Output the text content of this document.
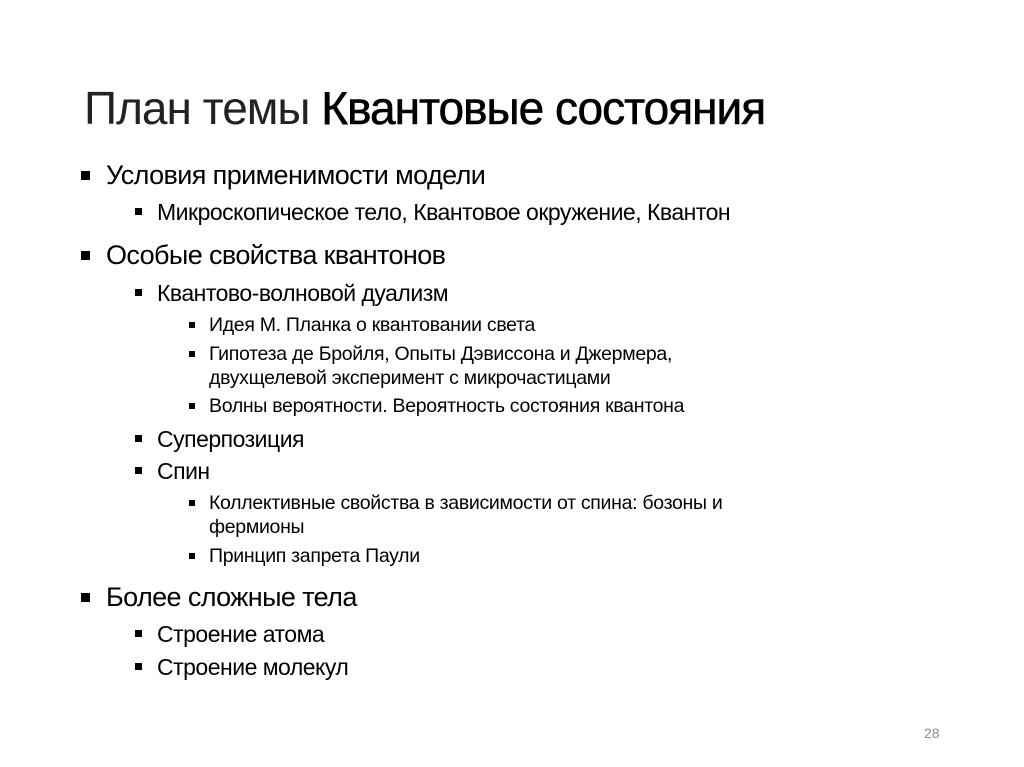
План темы Квантовые состояния
Условия применимости модели
Микроскопическое тело, Квантовое окружение, Квантон
Особые свойства квантонов
Квантово-волновой дуализм
Идея М. Планка о квантовании света
Гипотеза де Бройля, Опыты Дэвиссона и Джермера,
двухщелевой эксперимент с микрочастицами
Волны вероятности. Вероятность состояния квантона
Суперпозиция
Спин
Коллективные свойства в зависимости от спина: бозоны и
фермионы
Принцип запрета Паули
Более сложные тела
Строение атома
Строение молекул
28
